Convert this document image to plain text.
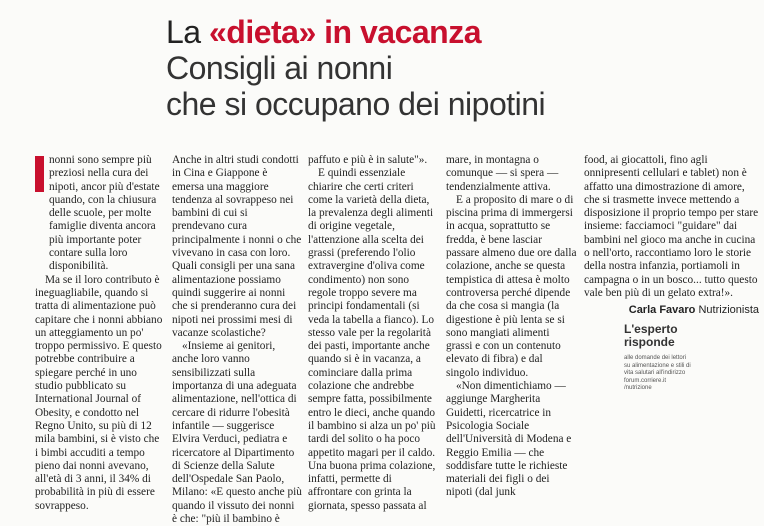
La «dieta» in vacanza
Consigli ai nonni
che si occupano dei nipotini

nonni sono sempre più preziosi nella cura dei nipoti, ancor più d'estate quando, con la chiusura delle scuole, per molte famiglie diventa ancora più importante poter contare sulla loro disponibilità.

Ma se il loro contributo è ineguagliabile, quando si tratta di alimentazione può capitare che i nonni abbiano un atteggiamento un po' troppo permissivo. E questo potrebbe contribuire a spiegare perché in uno studio pubblicato su International Journal of Obesity, e condotto nel Regno Unito, su più di 12 mila bambini, si è visto che i bimbi accuditi a tempo pieno dai nonni avevano, all'età di 3 anni, il 34% di probabilità in più di essere sovrappeso.

Anche in altri studi condotti in Cina e Giappone è emersa una maggiore tendenza al sovrappeso nei bambini di cui si prendevano cura principalmente i nonni o che vivevano in casa con loro. Quali consigli per una sana alimentazione possiamo quindi suggerire ai nonni che si prenderanno cura dei nipoti nei prossimi mesi di vacanze scolastiche?

«Insieme ai genitori, anche loro vanno sensibilizzati sulla importanza di una adeguata alimentazione, nell'ottica di cercare di ridurre l'obesità infantile — suggerisce Elvira Verduci, pediatra e ricercatore al Dipartimento di Scienze della Salute dell'Ospedale San Paolo, Milano: «E questo anche più quando il vissuto dei nonni è che: "più il bambino è

paffuto e più è in salute"».

E quindi essenziale chiarire che certi criteri come la varietà della dieta, la prevalenza degli alimenti di origine vegetale, l'attenzione alla scelta dei grassi (preferendo l'olio extravergine d'oliva come condimento) non sono regole troppo severe ma principi fondamentali (si veda la tabella a fianco). Lo stesso vale per la regolarità dei pasti, importante anche quando si è in vacanza, a cominciare dalla prima colazione che andrebbe sempre fatta, possibilmente entro le dieci, anche quando il bambino si alza un po' più tardi del solito o ha poco appetito magari per il caldo. Una buona prima colazione, infatti, permette di affrontare con grinta la giornata, spesso passata al

mare, in montagna o comunque — si spera — tendenzialmente attiva.

E a proposito di mare o di piscina prima di immergersi in acqua, soprattutto se fredda, è bene lasciar passare almeno due ore dalla colazione, anche se questa tempistica di attesa è molto controversa perché dipende da che cosa si mangia (la digestione è più lenta se si sono mangiati alimenti grassi e con un contenuto elevato di fibra) e dal singolo individuo.

«Non dimentichiamo — aggiunge Margherita Guidetti, ricercatrice in Psicologia Sociale dell'Università di Modena e Reggio Emilia — che soddisfare tutte le richieste materiali dei figli o dei nipoti (dal junk

food, ai giocattoli, fino agli onnipresenti cellulari e tablet) non è affatto una dimostrazione di amore, che si trasmette invece mettendo a disposizione il proprio tempo per stare insieme: facciamoci "guidare" dai bambini nel gioco ma anche in cucina o nell'orto, raccontiamo loro le storie della nostra infanzia, portiamoli in campagna o in un bosco... tutto questo vale ben più di un gelato extra!».

Carla Favaro Nutrizionista
L'esperto
risponde
alle domande dei lettori su alimentazione e stili di vita salutari all'indirizzo forum.corriere.it /nutrizione
